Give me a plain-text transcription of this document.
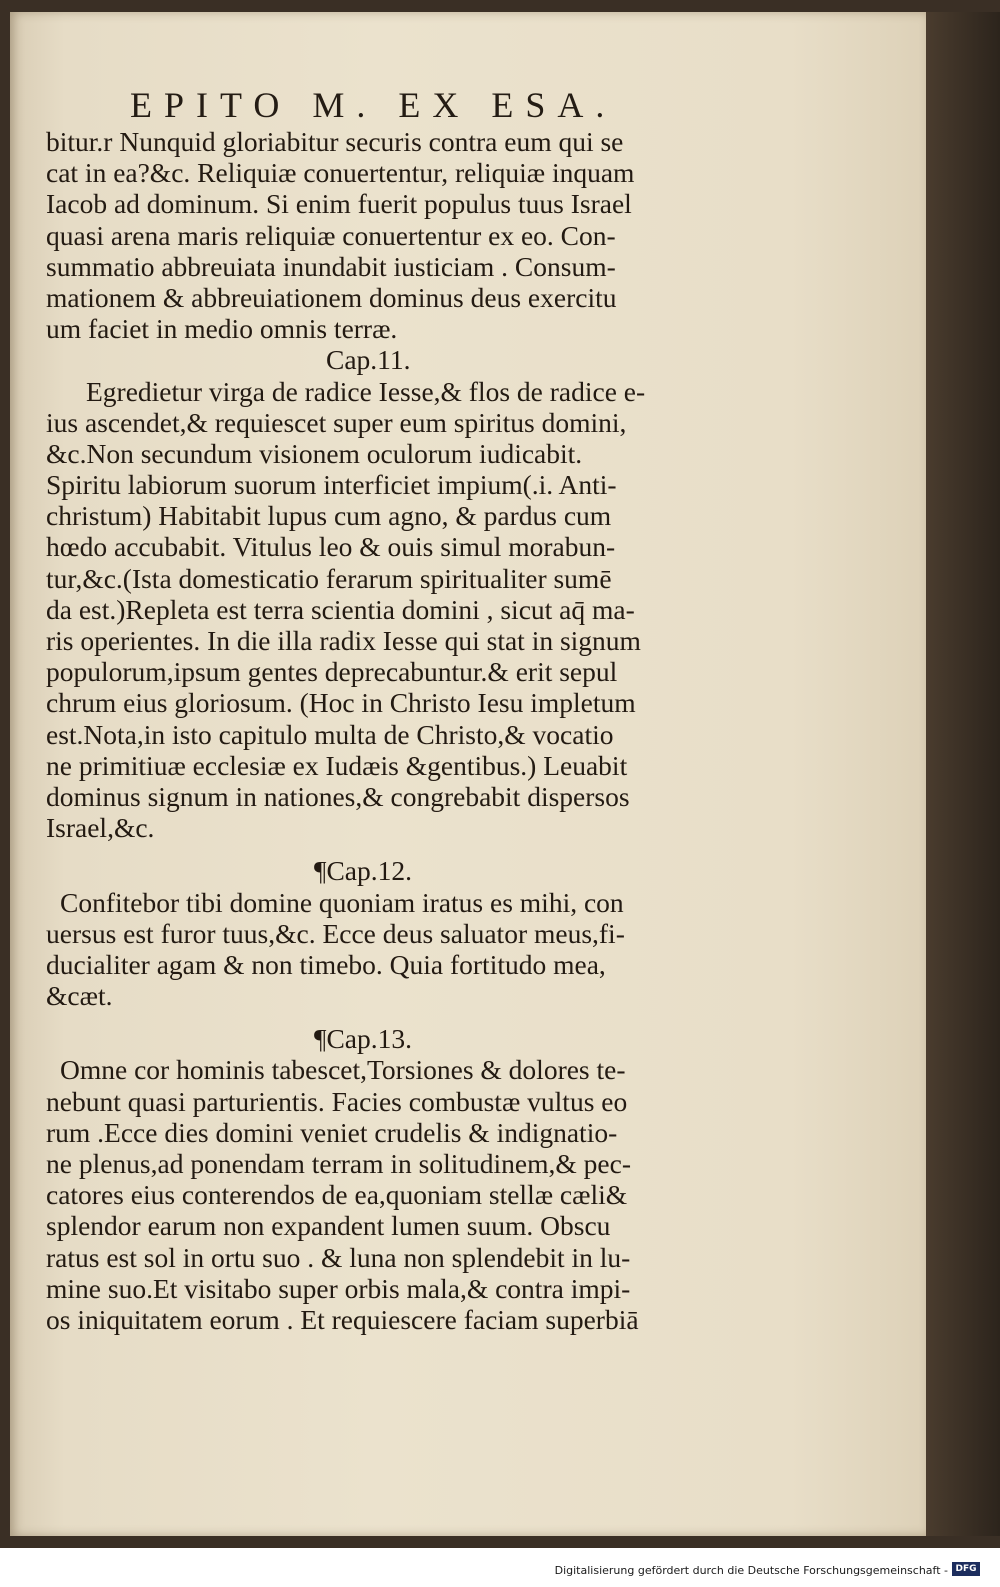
EPITO M. EX ESA.
bitur.r Nunquid gloriabitur securis contra eum qui se
cat in ea?&c. Reliquiæ conuertentur, reliquiæ inquam
Iacob ad dominum. Si enim fuerit populus tuus Israel
quasi arena maris reliquiæ conuertentur ex eo. Con-
summatio abbreuiata inundabit iusticiam . Consum-
mationem & abbreuiationem dominus deus exercitu
um faciet in medio omnis terræ.
Cap.11.
Egredietur virga de radice Iesse,& flos de radice e-
ius ascendet,& requiescet super eum spiritus domini,
&c.Non secundum visionem oculorum iudicabit.
Spiritu labiorum suorum interficiet impium(.i. Anti-
christum) Habitabit lupus cum agno, & pardus cum
hœdo accubabit. Vitulus leo & ouis simul morabun-
tur,&c.(Ista domesticatio ferarum spiritualiter sumē
da est.)Repleta est terra scientia domini , sicut aq̄ ma-
ris operientes. In die illa radix Iesse qui stat in signum
populorum,ipsum gentes deprecabuntur.& erit sepul
chrum eius gloriosum. (Hoc in Christo Iesu impletum
est.Nota,in isto capitulo multa de Christo,& vocatio
ne primitiuæ ecclesiæ ex Iudæis &gentibus.) Leuabit
dominus signum in nationes,& congrebabit dispersos
Israel,&c.
¶Cap.12.
Confitebor tibi domine quoniam iratus es mihi, con
uersus est furor tuus,&c. Ecce deus saluator meus,fi-
ducialiter agam & non timebo. Quia fortitudo mea,
&cæt.
¶Cap.13.
Omne cor hominis tabescet,Torsiones & dolores te-
nebunt quasi parturientis. Facies combustæ vultus eo
rum .Ecce dies domini veniet crudelis & indignatio-
ne plenus,ad ponendam terram in solitudinem,& pec-
catores eius conterendos de ea,quoniam stellæ cæli&
splendor earum non expandent lumen suum. Obscu
ratus est sol in ortu suo . & luna non splendebit in lu-
mine suo.Et visitabo super orbis mala,& contra impi-
os iniquitatem eorum . Et requiescere faciam superbiā
Digitalisierung gefördert durch die Deutsche Forschungsgemeinschaft - DFG
